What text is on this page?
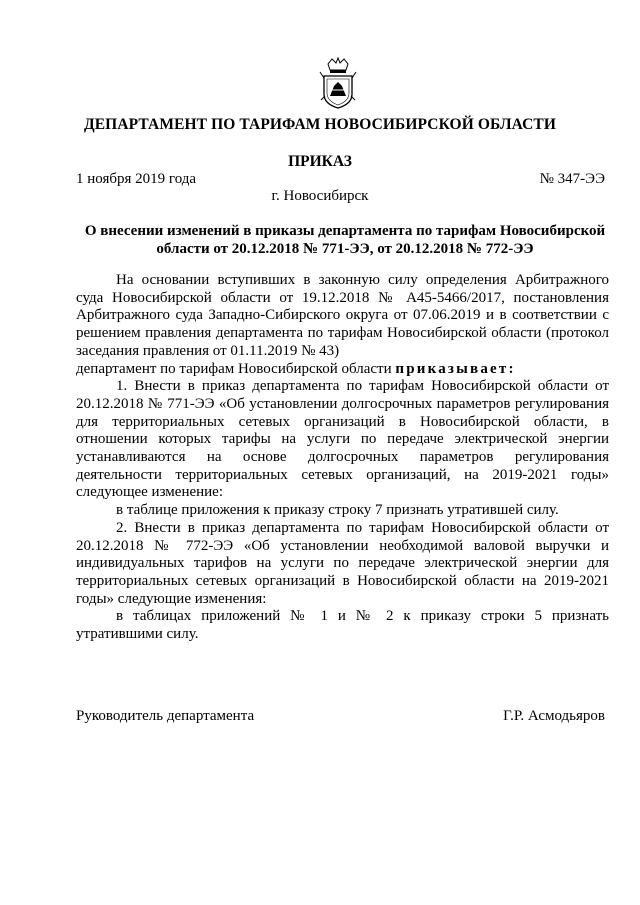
ДЕПАРТАМЕНТ ПО ТАРИФАМ НОВОСИБИРСКОЙ ОБЛАСТИ
ПРИКАЗ
1 ноября 2019 года	№ 347-ЭЭ
г. Новосибирск
О внесении изменений в приказы департамента по тарифам Новосибирской области от 20.12.2018 № 771-ЭЭ, от 20.12.2018 № 772-ЭЭ

На основании вступивших в законную силу определения Арбитражного суда Новосибирской области от 19.12.2018 № А45-5466/2017, постановления Арбитражного суда Западно-Сибирского округа от 07.06.2019 и в соответствии с решением правления департамента по тарифам Новосибирской области (протокол заседания правления от 01.11.2019 № 43)

департамент по тарифам Новосибирской области приказывает:

1. Внести в приказ департамента по тарифам Новосибирской области от 20.12.2018 № 771-ЭЭ «Об установлении долгосрочных параметров регулирования для территориальных сетевых организаций в Новосибирской области, в отношении которых тарифы на услуги по передаче электрической энергии устанавливаются на основе долгосрочных параметров регулирования деятельности территориальных сетевых организаций, на 2019-2021 годы» следующее изменение:

в таблице приложения к приказу строку 7 признать утратившей силу.

2. Внести в приказ департамента по тарифам Новосибирской области от 20.12.2018 № 772-ЭЭ «Об установлении необходимой валовой выручки и индивидуальных тарифов на услуги по передаче электрической энергии для территориальных сетевых организаций в Новосибирской области на 2019-2021 годы» следующие изменения:

в таблицах приложений № 1 и № 2 к приказу строки 5 признать утратившими силу.

Руководитель департамента	Г.Р. Асмодьяров
